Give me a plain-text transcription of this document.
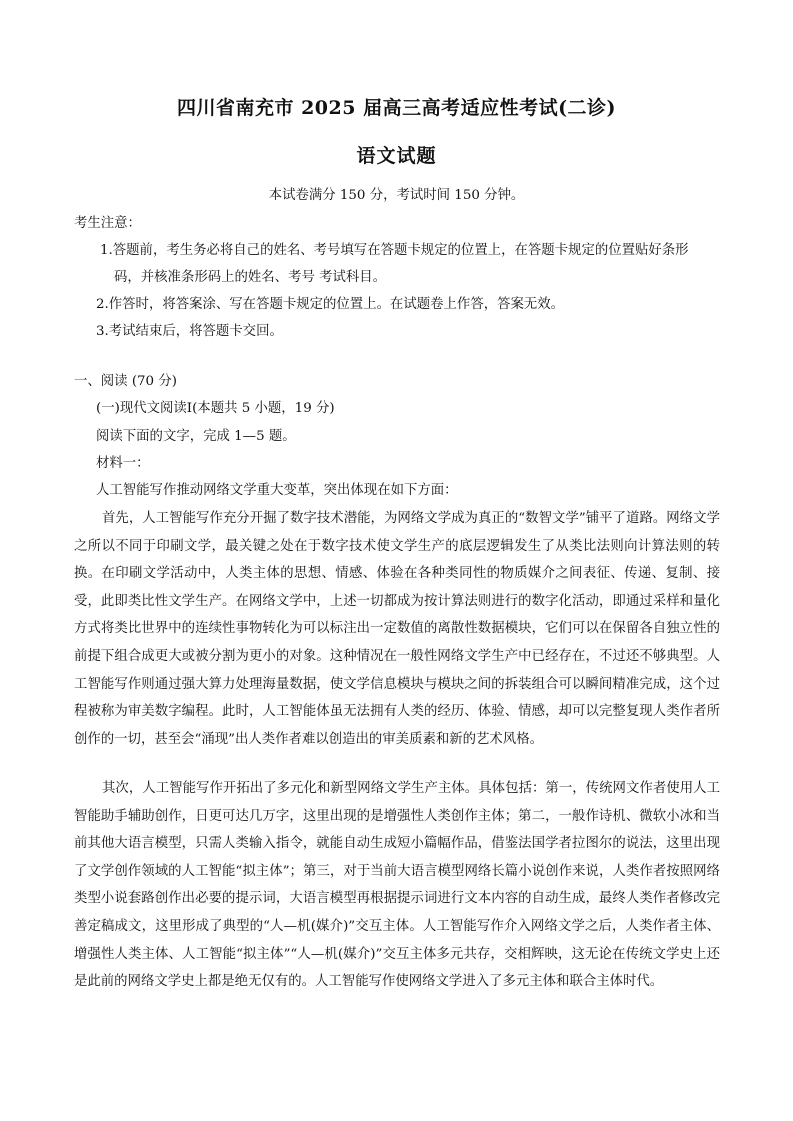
四川省南充市 2025 届高三高考适应性考试(二诊)
语文试题
本试卷满分 150 分，考试时间 150 分钟。
考生注意：
1.答题前，考生务必将自己的姓名、考号填写在答题卡规定的位置上，在答题卡规定的位置贴好条形
码，并核准条形码上的姓名、考号 考试科目。
2.作答时，将答案涂、写在答题卡规定的位置上。在试题卷上作答，答案无效。
3.考试结束后，将答题卡交回。
一、阅读 (70 分)
(一)现代文阅读Ⅰ(本题共 5 小题，19 分)
阅读下面的文字，完成 1—5 题。
材料一：
人工智能写作推动网络文学重大变革，突出体现在如下方面：

首先，人工智能写作充分开掘了数字技术潜能，为网络文学成为真正的“数智文学”铺平了道路。网络文学之所以不同于印刷文学，最关键之处在于数字技术使文学生产的底层逻辑发生了从类比法则向计算法则的转换。在印刷文学活动中，人类主体的思想、情感、体验在各种类同性的物质媒介之间表征、传递、复制、接受，此即类比性文学生产。在网络文学中，上述一切都成为按计算法则进行的数字化活动，即通过采样和量化方式将类比世界中的连续性事物转化为可以标注出一定数值的离散性数据模块，它们可以在保留各自独立性的前提下组合成更大或被分割为更小的对象。这种情况在一般性网络文学生产中已经存在，不过还不够典型。人工智能写作则通过强大算力处理海量数据，使文学信息模块与模块之间的拆装组合可以瞬间精准完成，这个过程被称为审美数字编程。此时，人工智能体虽无法拥有人类的经历、体验、情感，却可以完整复现人类作者所创作的一切，甚至会“涌现”出人类作者难以创造出的审美质素和新的艺术风格。

其次，人工智能写作开拓出了多元化和新型网络文学生产主体。具体包括：第一，传统网文作者使用人工智能助手辅助创作，日更可达几万字，这里出现的是增强性人类创作主体；第二，一般作诗机、微软小冰和当前其他大语言模型，只需人类输入指令，就能自动生成短小篇幅作品，借鉴法国学者拉图尔的说法，这里出现了文学创作领域的人工智能“拟主体”；第三，对于当前大语言模型网络长篇小说创作来说，人类作者按照网络类型小说套路创作出必要的提示词，大语言模型再根据提示词进行文本内容的自动生成，最终人类作者修改完善定稿成文，这里形成了典型的“人—机(媒介)”交互主体。人工智能写作介入网络文学之后，人类作者主体、增强性人类主体、人工智能“拟主体”“人—机(媒介)”交互主体多元共存，交相辉映，这无论在传统文学史上还是此前的网络文学史上都是绝无仅有的。人工智能写作使网络文学进入了多元主体和联合主体时代。
